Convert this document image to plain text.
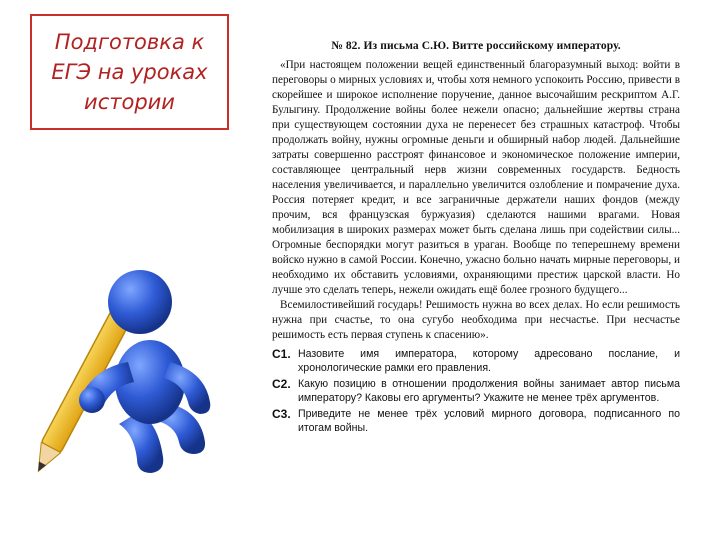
Подготовка к ЕГЭ на уроках истории
№ 82. Из письма С.Ю. Витте российскому императору.

«При настоящем положении вещей единственный благоразумный выход: войти в переговоры о мирных условиях и, чтобы хотя немного успокоить Россию, привести в скорейшее и широкое исполнение поручение, данное высочайшим рескриптом А.Г. Булыгину. Продолжение войны более нежели опасно; дальнейшие жертвы страна при существующем состоянии духа не перенесет без страшных катастроф. Чтобы продолжать войну, нужны огромные деньги и обширный набор людей. Дальнейшие затраты совершенно расстроят финансовое и экономическое положение империи, составляющее центральный нерв жизни современных государств. Бедность населения увеличивается, и параллельно увеличится озлобление и помрачение духа. Россия потеряет кредит, и все заграничные держатели наших фондов (между прочим, вся французская буржуазия) сделаются нашими врагами. Новая мобилизация в широких размерах может быть сделана лишь при содействии силы... Огромные беспорядки могут разиться в ураган. Вообще по теперешнему времени войско нужно в самой России. Конечно, ужасно больно начать мирные переговоры, и необходимо их обставить условиями, охраняющими престиж царской власти. Но лучше это сделать теперь, нежели ожидать ещё более грозного будущего...

Всемилостивейший государь! Решимость нужна во всех делах. Но если решимость нужна при счастье, то она сугубо необходима при несчастье. При несчастье решимость есть первая ступень к спасению».

С1. Назовите имя императора, которому адресовано послание, и хронологические рамки его правления.
С2. Какую позицию в отношении продолжения войны занимает автор письма императору? Каковы его аргументы? Укажите не менее трёх аргументов.
С3. Приведите не менее трёх условий мирного договора, подписанного по итогам войны.
